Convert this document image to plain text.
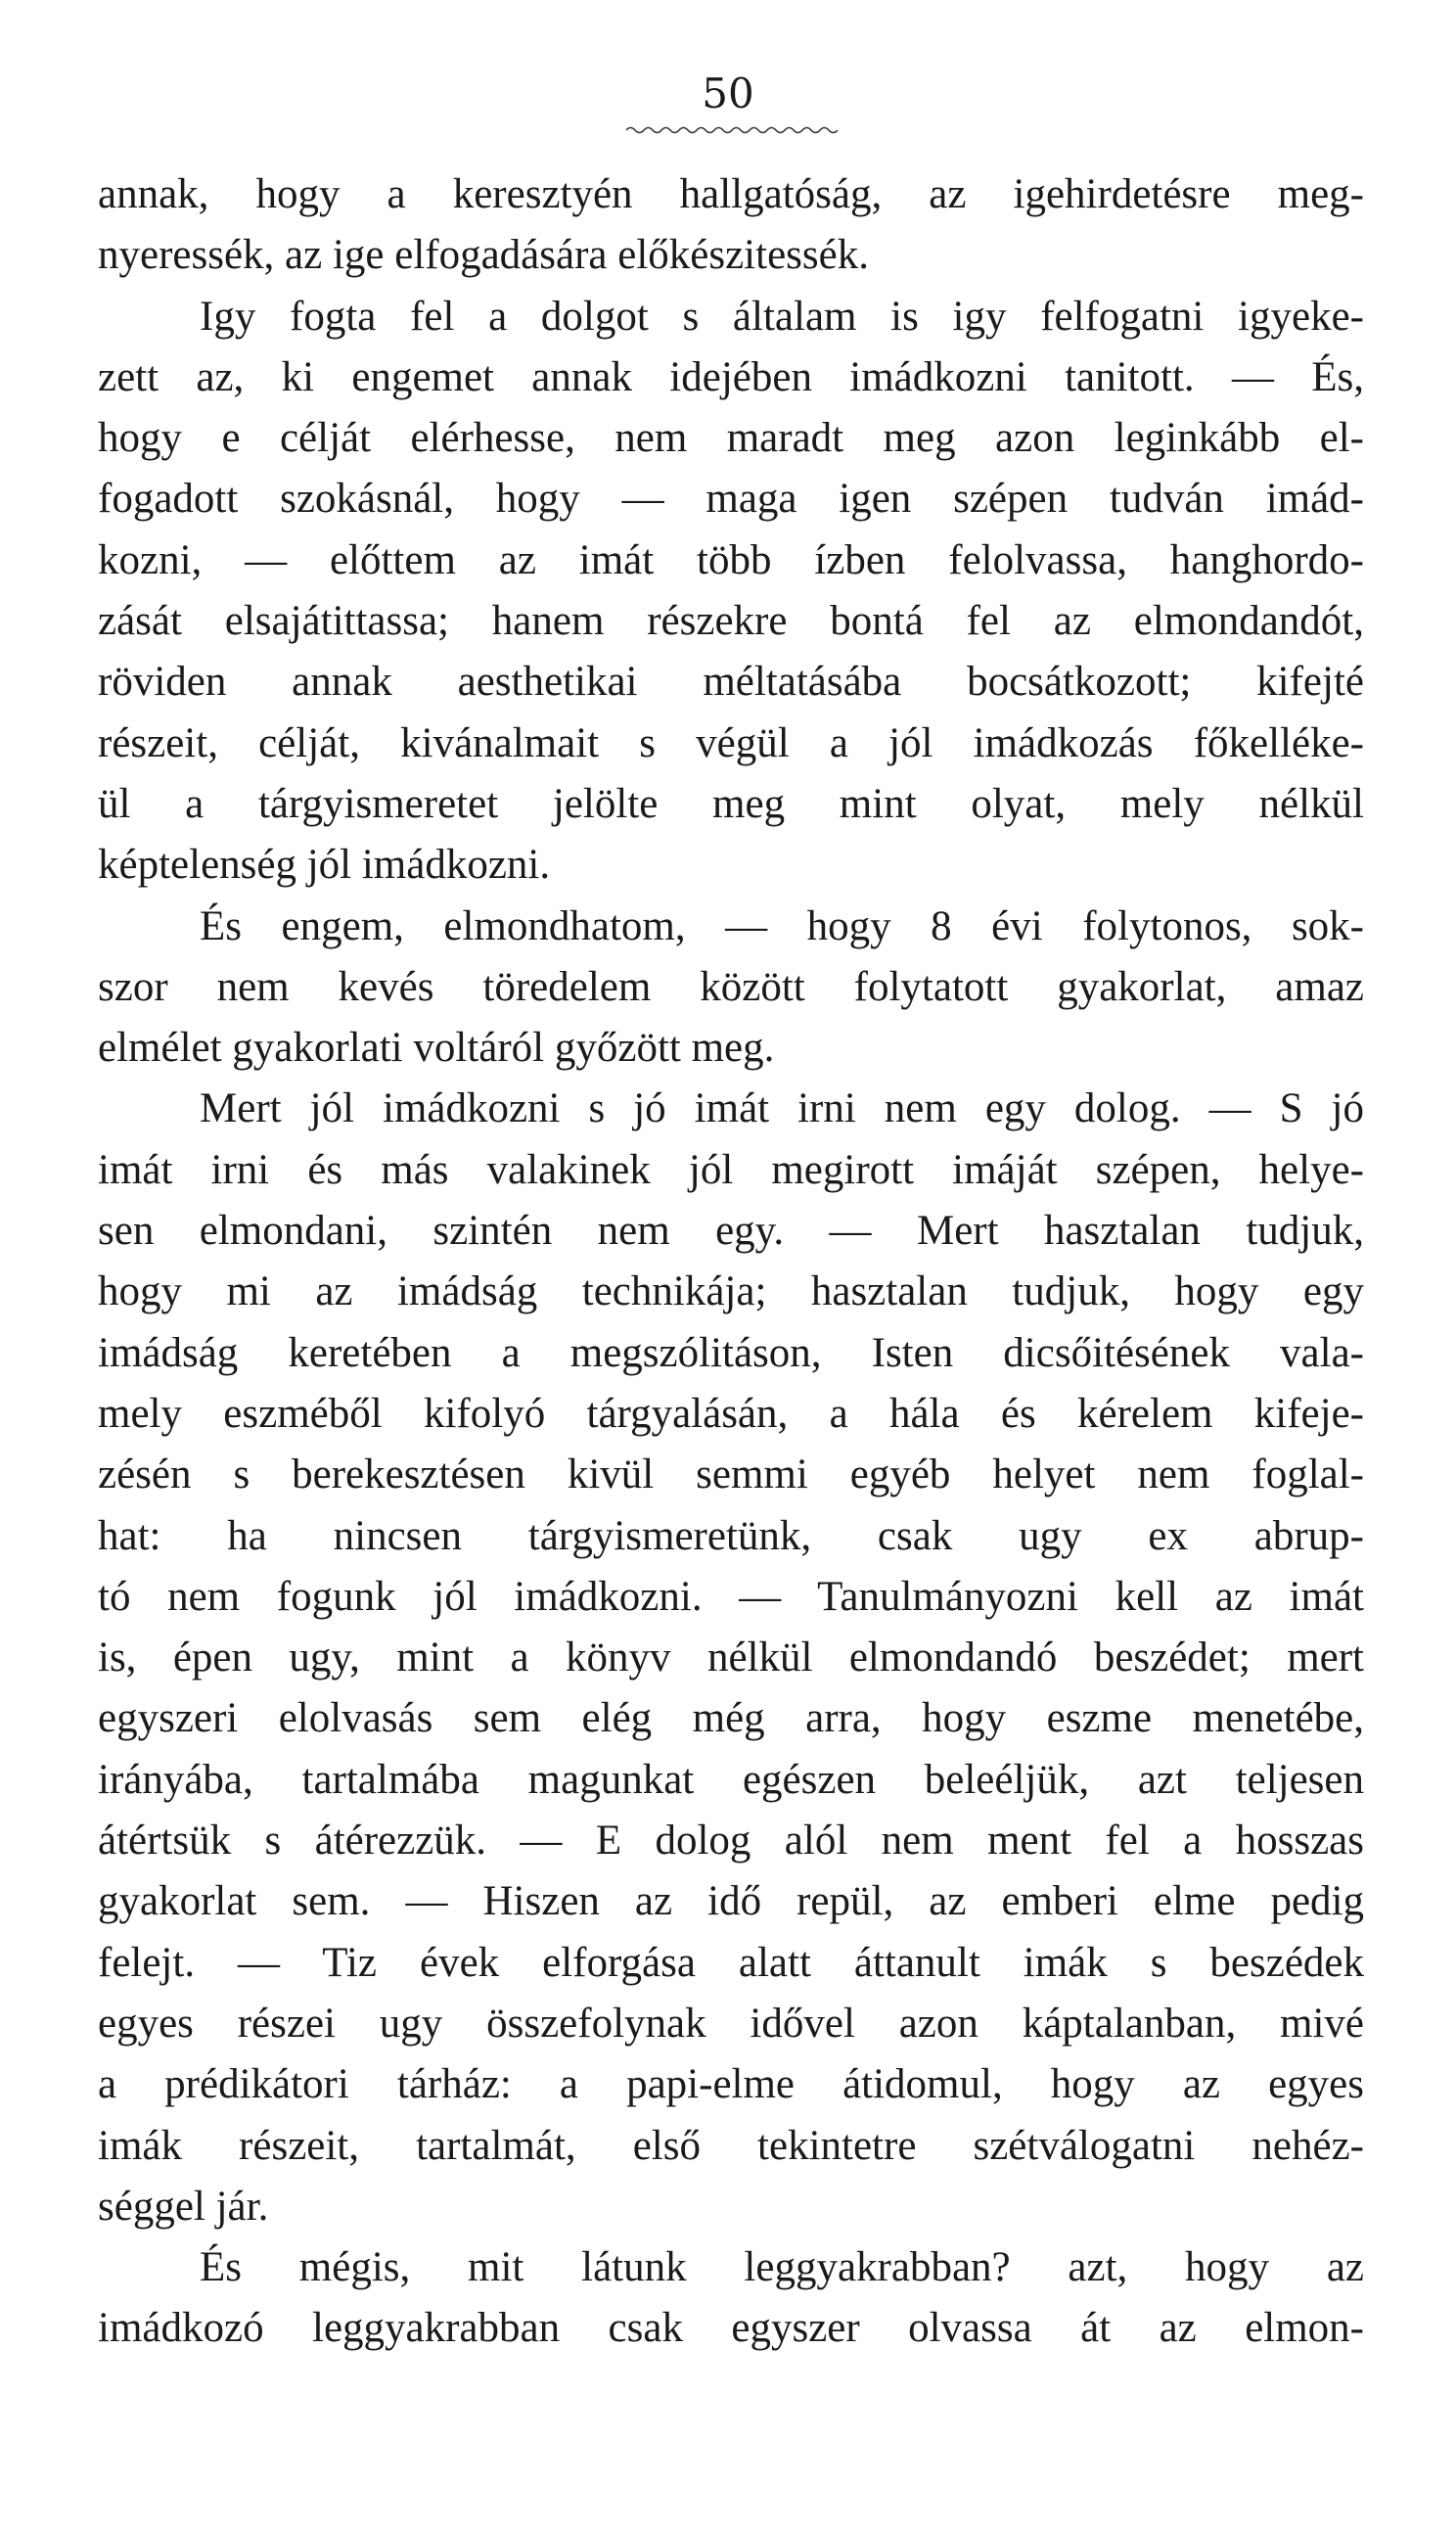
50
annak, hogy a keresztyén hallgatóság, az igehirdetésre meg-
nyeressék, az ige elfogadására előkészitessék.
Igy fogta fel a dolgot s általam is igy felfogatni igyeke-
zett az, ki engemet annak idejében imádkozni tanitott. — És,
hogy e célját elérhesse, nem maradt meg azon leginkább el-
fogadott szokásnál, hogy — maga igen szépen tudván imád-
kozni, — előttem az imát több ízben felolvassa, hanghordo-
zását elsajátittassa; hanem részekre bontá fel az elmondandót,
röviden annak aesthetikai méltatásába bocsátkozott; kifejté
részeit, célját, kivánalmait s végül a jól imádkozás főkelléke-
ül a tárgyismeretet jelölte meg mint olyat, mely nélkül
képtelenség jól imádkozni.
És engem, elmondhatom, — hogy 8 évi folytonos, sok-
szor nem kevés töredelem között folytatott gyakorlat, amaz
elmélet gyakorlati voltáról győzött meg.
Mert jól imádkozni s jó imát irni nem egy dolog. — S jó
imát irni és más valakinek jól megirott imáját szépen, helye-
sen elmondani, szintén nem egy. — Mert hasztalan tudjuk,
hogy mi az imádság technikája; hasztalan tudjuk, hogy egy
imádság keretében a megszólitáson, Isten dicsőitésének vala-
mely eszméből kifolyó tárgyalásán, a hála és kérelem kifeje-
zésén s berekesztésen kivül semmi egyéb helyet nem foglal-
hat: ha nincsen tárgyismeretünk, csak ugy ex abrup-
tó nem fogunk jól imádkozni. — Tanulmányozni kell az imát
is, épen ugy, mint a könyv nélkül elmondandó beszédet; mert
egyszeri elolvasás sem elég még arra, hogy eszme menetébe,
irányába, tartalmába magunkat egészen beleéljük, azt teljesen
átértsük s átérezzük. — E dolog alól nem ment fel a hosszas
gyakorlat sem. — Hiszen az idő repül, az emberi elme pedig
felejt. — Tiz évek elforgása alatt áttanult imák s beszédek
egyes részei ugy összefolynak idővel azon káptalanban, mivé
a prédikátori tárház: a papi-elme átidomul, hogy az egyes
imák részeit, tartalmát, első tekintetre szétválogatni nehéz-
séggel jár.
És mégis, mit látunk leggyakrabban? azt, hogy az
imádkozó leggyakrabban csak egyszer olvassa át az elmon-
